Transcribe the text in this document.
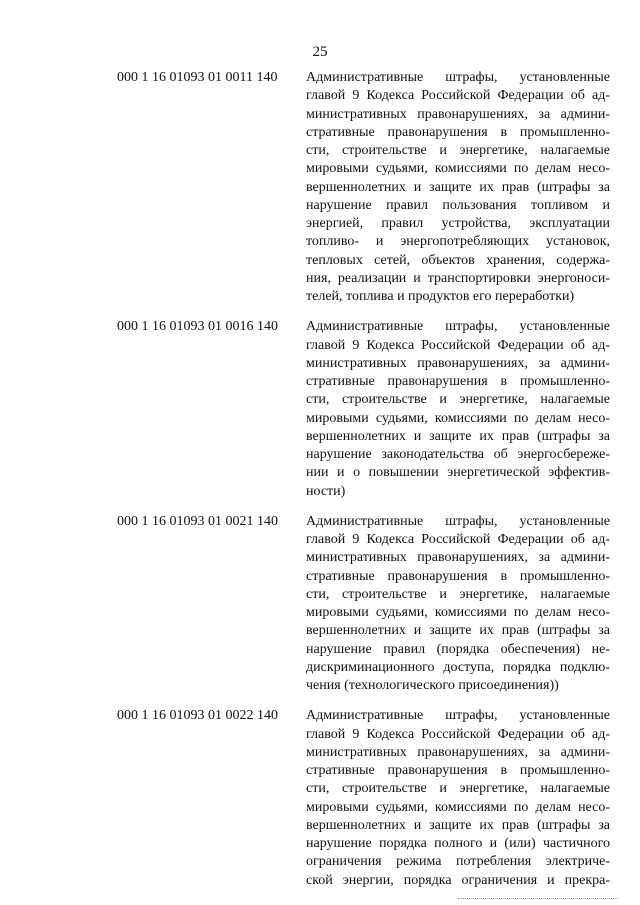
25
000 1 16 01093 01 0011 140 Административные штрафы, установленные
главой 9 Кодекса Российской Федерации об ад-
министративных правонарушениях, за админи-
стративные правонарушения в промышленно-
сти, строительстве и энергетике, налагаемые
мировыми судьями, комиссиями по делам несо-
вершеннолетних и защите их прав (штрафы за
нарушение правил пользования топливом и
энергией, правил устройства, эксплуатации
топливо- и энергопотребляющих установок,
тепловых сетей, объектов хранения, содержа-
ния, реализации и транспортировки энергоноси-
телей, топлива и продуктов его переработки)
000 1 16 01093 01 0016 140 Административные штрафы, установленные
главой 9 Кодекса Российской Федерации об ад-
министративных правонарушениях, за админи-
стративные правонарушения в промышленно-
сти, строительстве и энергетике, налагаемые
мировыми судьями, комиссиями по делам несо-
вершеннолетних и защите их прав (штрафы за
нарушение законодательства об энергосбереже-
нии и о повышении энергетической эффектив-
ности)
000 1 16 01093 01 0021 140 Административные штрафы, установленные
главой 9 Кодекса Российской Федерации об ад-
министративных правонарушениях, за админи-
стративные правонарушения в промышленно-
сти, строительстве и энергетике, налагаемые
мировыми судьями, комиссиями по делам несо-
вершеннолетних и защите их прав (штрафы за
нарушение правил (порядка обеспечения) не-
дискриминационного доступа, порядка подклю-
чения (технологического присоединения))
000 1 16 01093 01 0022 140 Административные штрафы, установленные
главой 9 Кодекса Российской Федерации об ад-
министративных правонарушениях, за админи-
стративные правонарушения в промышленно-
сти, строительстве и энергетике, налагаемые
мировыми судьями, комиссиями по делам несо-
вершеннолетних и защите их прав (штрафы за
нарушение порядка полного и (или) частичного
ограничения режима потребления электриче-
ской энергии, порядка ограничения и прекра-
